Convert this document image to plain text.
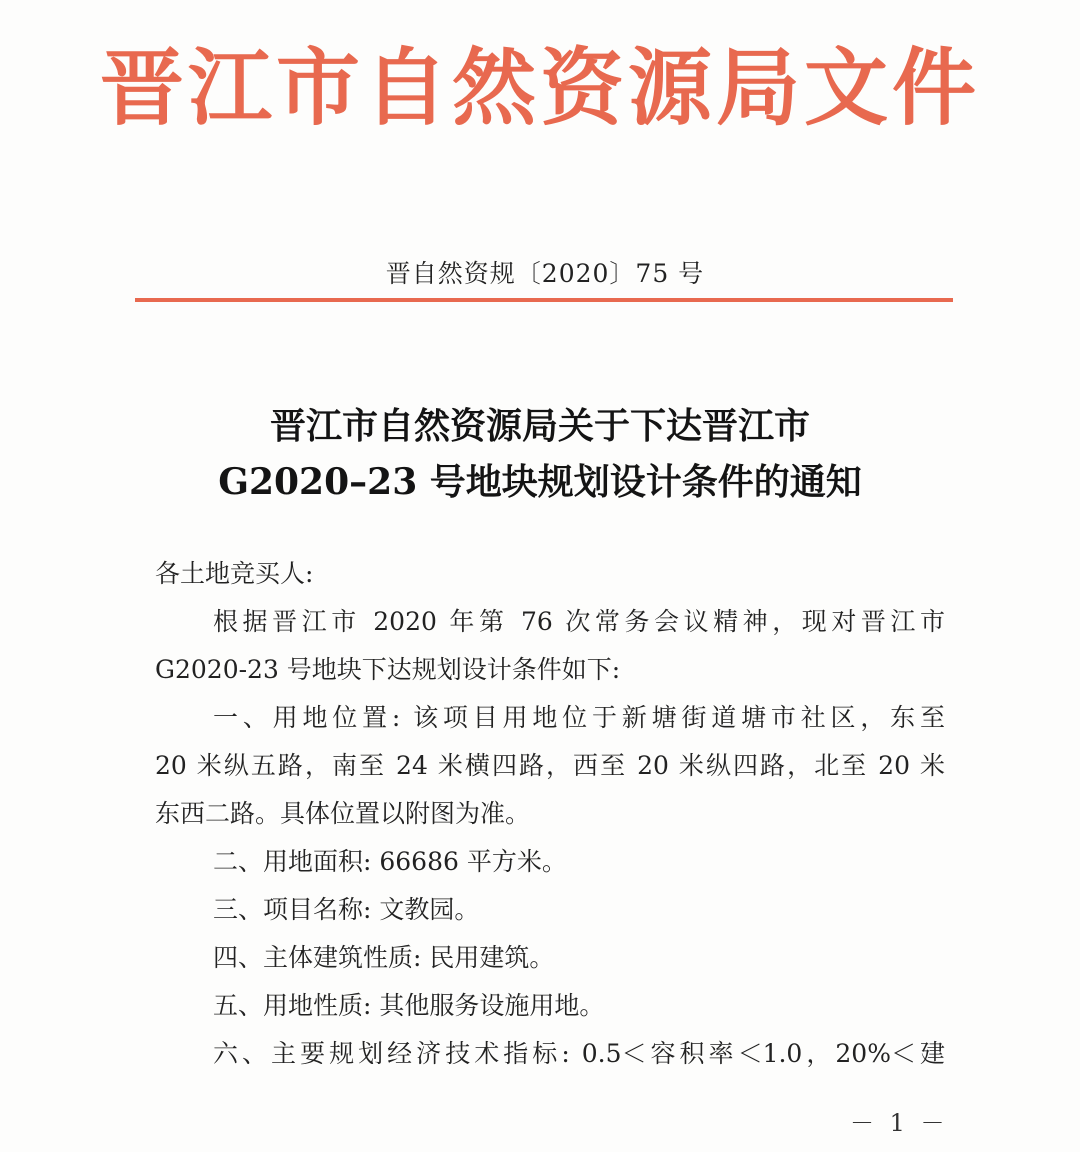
晋江市自然资源局文件
晋自然资规〔2020〕75 号
晋江市自然资源局关于下达晋江市
G2020–23 号地块规划设计条件的通知
各土地竞买人:
根据晋江市 2020 年第 76 次常务会议精神，现对晋江市
G2020-23 号地块下达规划设计条件如下:
一、用地位置: 该项目用地位于新塘街道塘市社区，东至
20 米纵五路，南至 24 米横四路，西至 20 米纵四路，北至 20 米
东西二路。具体位置以附图为准。
二、用地面积: 66686 平方米。
三、项目名称: 文教园。
四、主体建筑性质: 民用建筑。
五、用地性质: 其他服务设施用地。
六、主要规划经济技术指标: 0.5＜容积率＜1.0，20%＜建
－ 1 －
